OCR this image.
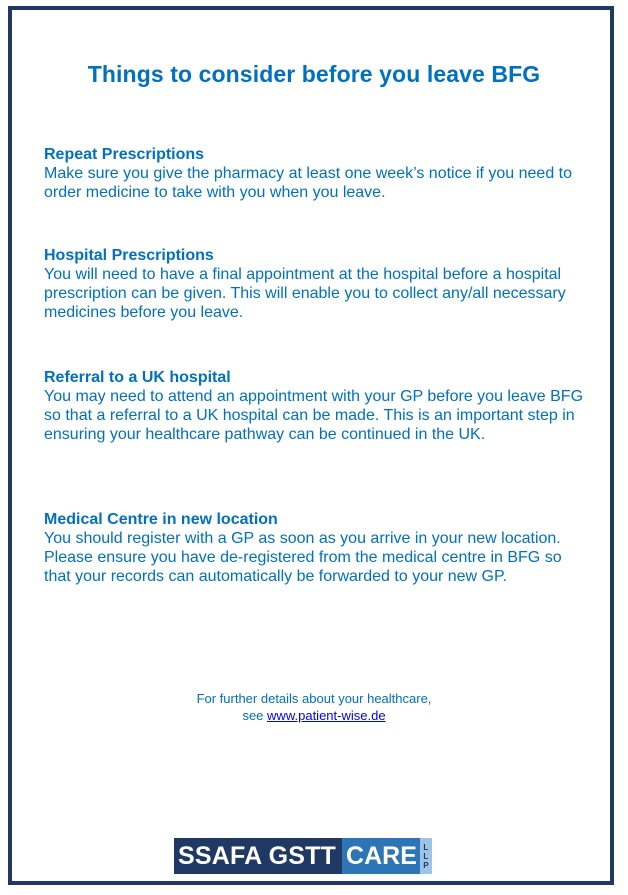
Things to consider before you leave BFG
Repeat Prescriptions

Make sure you give the pharmacy at least one week’s notice if you need to order medicine to take with you when you leave.

Hospital Prescriptions

You will need to have a final appointment at the hospital before a hospital prescription can be given. This will enable you to collect any/all necessary medicines before you leave.

Referral to a UK hospital

You may need to attend an appointment with your GP before you leave BFG so that a referral to a UK hospital can be made. This is an important step in ensuring your healthcare pathway can be continued in the UK.

Medical Centre in new location

You should register with a GP as soon as you arrive in your new location. Please ensure you have de-registered from the medical centre in BFG so that your records can automatically be forwarded to your new GP.

For further details about your healthcare,
see www.patient-wise.de
SSAFA GSTT CARE L
L
P
